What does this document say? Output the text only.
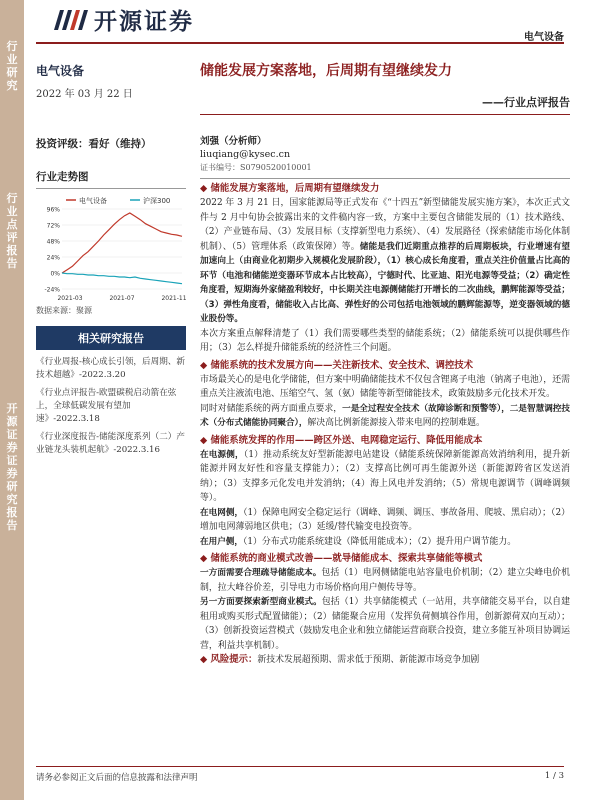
行
业
研
究
行
业
点
评
报
告
开
源
证
券
证
券
研
究
报
告
开源证券
电气设备
电气设备
2022 年 03 月 22 日
投资评级：看好（维持）
行业走势图
电气设备	沪深300
96%
72%
48%
24%
0%
-24%
2021-03	2021-07	2021-11
数据来源：聚源
相关研究报告
《行业周报-核心成长引领，后周期、新技术超越》-2022.3.20
《行业点评报告-欧盟碳税启动箭在弦上，全球低碳发展有望加速》-2022.3.18
《行业深度报告-储能深度系列（二）产业链龙头装机起航》-2022.3.16
储能发展方案落地，后周期有望继续发力
——行业点评报告
刘强（分析师）
liuqiang@kysec.cn
证书编号：S0790520010001
◆ 储能发展方案落地，后周期有望继续发力
2022 年 3 月 21 日，国家能源局等正式发布《“十四五”新型储能发展实施方案》，本次正式文件与 2 月中旬协会披露出来的文件稿内容一致，方案中主要包含储能发展的（1）技术路线、（2）产业链布局、（3）发展目标（支撑新型电力系统）、（4）发展路径（探索储能市场化体制机制）、（5）管理体系（政策保障）等。储能是我们近期重点推荐的后周期板块，行业增速有望加速向上（由商业化初期步入规模化发展阶段），（1）核心成长角度看，重点关注价值量占比高的环节（电池和储能逆变器环节成本占比较高），宁德时代、比亚迪、阳光电源等受益；（2）确定性角度看，短期海外家储盈利较好，中长期关注电源侧储能打开增长的二次曲线，鹏辉能源等受益；（3）弹性角度看，储能收入占比高、弹性好的公司包括电池领域的鹏辉能源等，逆变器领域的德业股份等。
本次方案重点解释清楚了（1）我们需要哪些类型的储能系统；（2）储能系统可以提供哪些作用；（3）怎么样提升储能系统的经济性三个问题。
◆ 储能系统的技术发展方向——关注新技术、安全技术、调控技术
市场最关心的是电化学储能，但方案中明确储能技术不仅包含锂离子电池（钠离子电池），还需重点关注液流电池、压缩空气、氢（氨）储能等新型储能技术，政策鼓励多元化技术开发。
同时对储能系统的两方面重点要求，一是全过程安全技术（故障诊断和预警等），二是智慧调控技术（分布式储能协同聚合），解决高比例新能源接入带来电网的控制难题。
◆ 储能系统发挥的作用——跨区外送、电网稳定运行、降低用能成本
在电源侧，（1）推动系统友好型新能源电站建设（储能系统保障新能源高效消纳利用，提升新能源并网友好性和容量支撑能力）；（2）支撑高比例可再生能源外送（新能源跨省区发送消纳）；（3）支撑多元化发电并发消纳；（4）海上风电并发消纳；（5）常规电源调节（调峰调频等）。
在电网侧，（1）保障电网安全稳定运行（调峰、调频、调压、事故备用、爬坡、黑启动）；（2）增加电网薄弱地区供电；（3）延缓/替代输变电投资等。
在用户侧，（1）分布式功能系统建设（降低用能成本）；（2）提升用户调节能力。
◆ 储能系统的商业模式改善——就导储能成本、探索共享储能等模式
一方面需要合理疏导储能成本。包括（1）电网侧储能电站容量电价机制；（2）建立尖峰电价机制，拉大峰谷价差，引导电力市场价格向用户侧传导等。
另一方面要探索新型商业模式。包括（1）共享储能模式（一站用，共享储能交易平台，以自建租用或购买形式配置储能）；（2）储能聚合应用（发挥负荷侧填谷作用，创新源荷双向互动）；（3）创新投资运营模式（鼓励发电企业和独立储能运营商联合投资，建立多能互补项目协调运营，利益共享机制）。
◆ 风险提示：新技术发展超预期、需求低于预期、新能源市场竞争加剧
请务必参阅正文后面的信息披露和法律声明	1 / 3
